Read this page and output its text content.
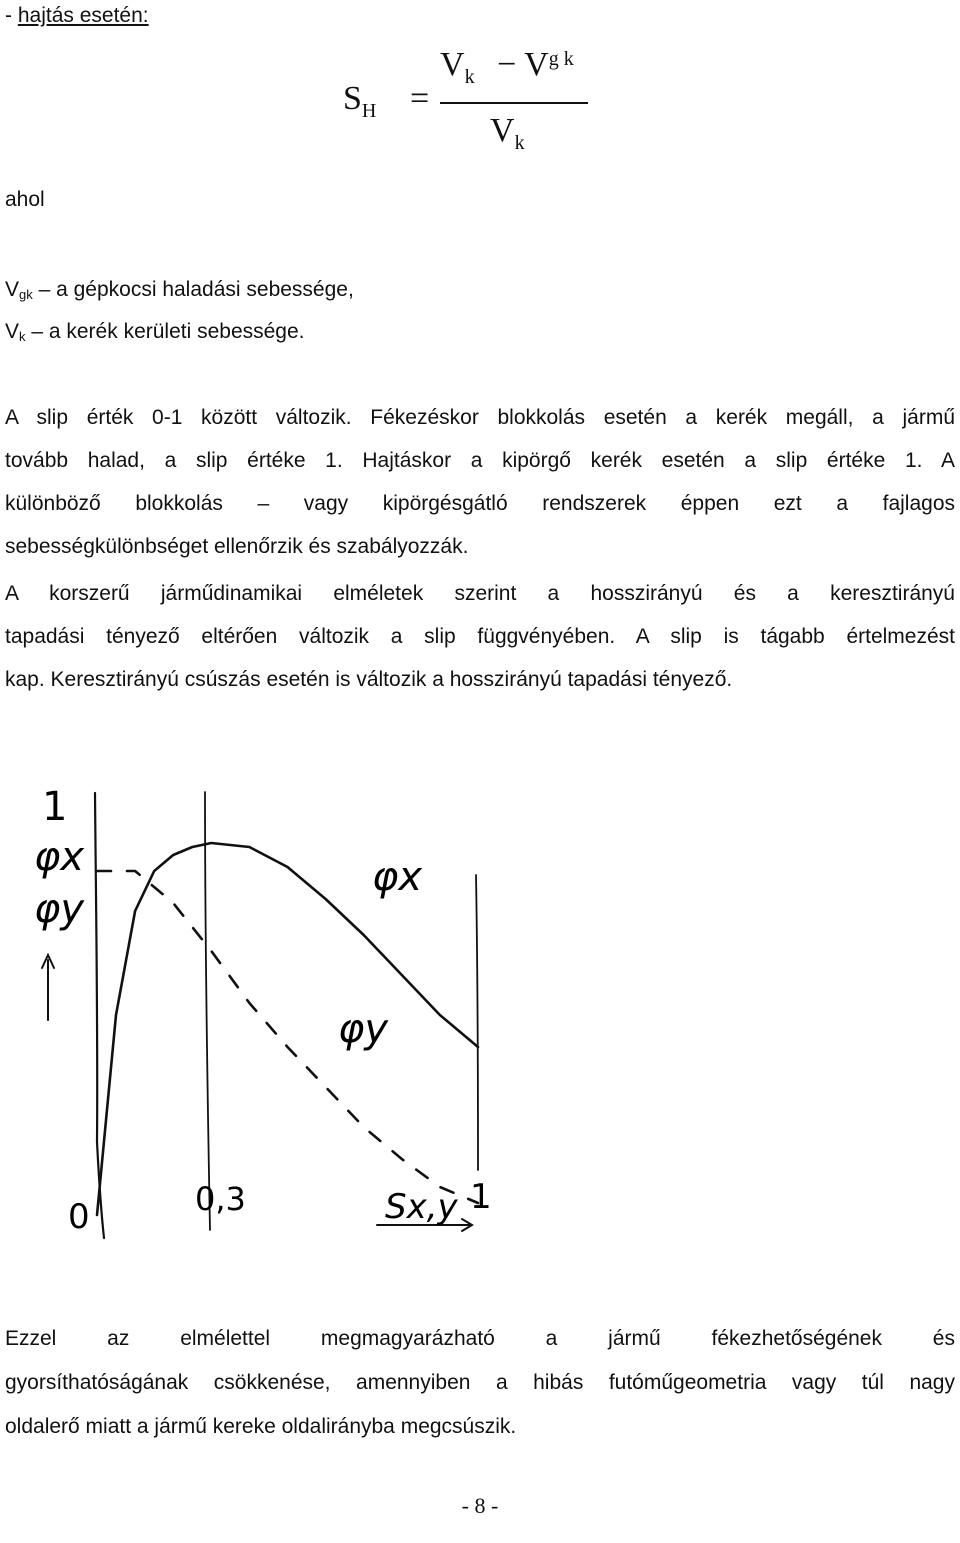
- hajtás esetén:
$S_H$ =
$V_k - V^{g k}$
$V_k$
ahol
$V_{gk}$ – a gépkocsi haladási sebessége,
$V_k$ – a kerék kerületi sebessége.
A slip érték 0-1 között változik. Fékezéskor blokkolás esetén a kerék megáll, a jármű
tovább halad, a slip értéke 1. Hajtáskor a kipörgő kerék esetén a slip értéke 1. A
különböző blokkolás – vagy kipörgésgátló rendszerek éppen ezt a fajlagos
sebességkülönbséget ellenőrzik és szabályozzák.
A korszerű járműdinamikai elméletek szerint a hosszirányú és a keresztirányú
tapadási tényező eltérően változik a slip függvényében. A slip is tágabb értelmezést
kap. Keresztirányú csúszás esetén is változik a hosszirányú tapadási tényező.
1
φx
φy
φx
φy
0	0,3	Sx,y 1
Ezzel az elmélettel megmagyarázható a jármű fékezhetőségének és
gyorsíthatóságának csökkenése, amennyiben a hibás futóműgeometria vagy túl nagy
oldalerő miatt a jármű kereke oldalirányba megcsúszik.
- 8 -
